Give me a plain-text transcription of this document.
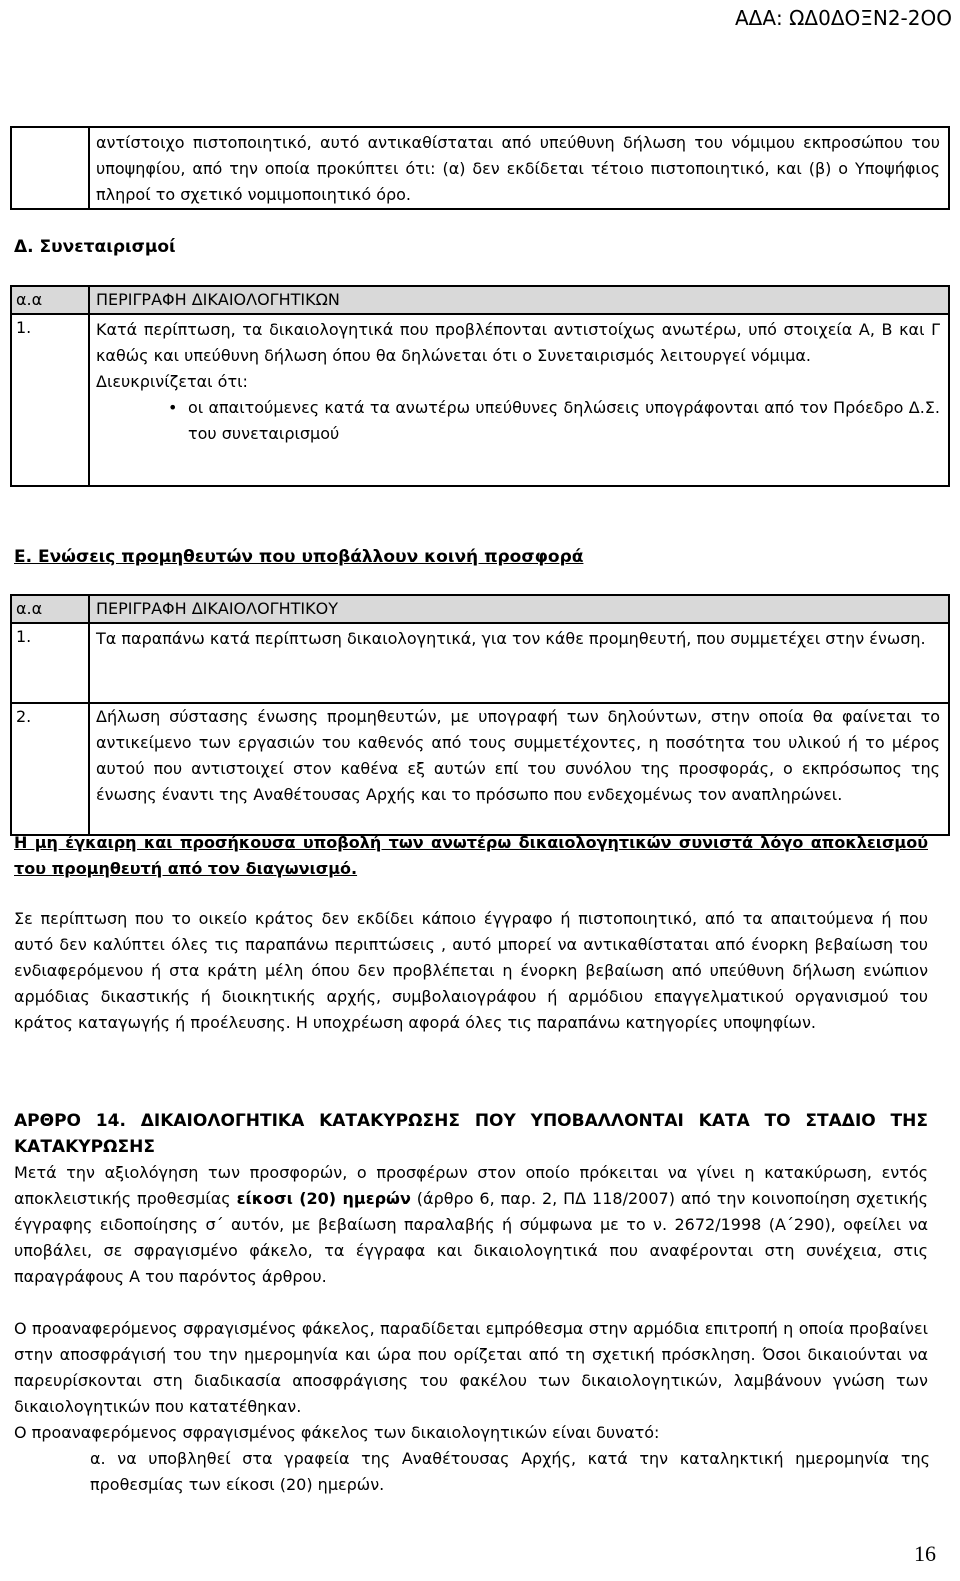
ΑΔΑ: ΩΔ0ΔΟΞΝ2-2ΟΟ
	αντίστοιχο πιστοποιητικό, αυτό αντικαθίσταται από υπεύθυνη δήλωση του νόμιμου εκπροσώπου του υποψηφίου, από την οποία προκύπτει ότι: (α) δεν εκδίδεται τέτοιο πιστοποιητικό, και (β) ο Υποψήφιος πληροί το σχετικό νομιμοποιητικό όρο.
Δ. Συνεταιρισμοί
α.α	ΠΕΡΙΓΡΑΦΗ ΔΙΚΑΙΟΛΟΓΗΤΙΚΩΝ
1.	Κατά περίπτωση, τα δικαιολογητικά που προβλέπονται αντιστοίχως ανωτέρω, υπό στοιχεία Α, Β και Γ καθώς και υπεύθυνη δήλωση όπου θα δηλώνεται ότι ο Συνεταιρισμός λειτουργεί νόμιμα.
Διευκρινίζεται ότι:
• οι απαιτούμενες κατά τα ανωτέρω υπεύθυνες δηλώσεις υπογράφονται από τον Πρόεδρο Δ.Σ. του συνεταιρισμού
Ε. Ενώσεις προμηθευτών που υποβάλλουν κοινή προσφορά
α.α	ΠΕΡΙΓΡΑΦΗ ΔΙΚΑΙΟΛΟΓΗΤΙΚΟΥ
1.	Τα παραπάνω κατά περίπτωση δικαιολογητικά, για τον κάθε προμηθευτή, που συμμετέχει στην ένωση.
2.	Δήλωση σύστασης ένωσης προμηθευτών, με υπογραφή των δηλούντων, στην οποία θα φαίνεται το αντικείμενο των εργασιών του καθενός από τους συμμετέχοντες, η ποσότητα του υλικού ή το μέρος αυτού που αντιστοιχεί στον καθένα εξ αυτών επί του συνόλου της προσφοράς, ο εκπρόσωπος της ένωσης έναντι της Αναθέτουσας Αρχής και το πρόσωπο που ενδεχομένως τον αναπληρώνει.
Η μη έγκαιρη και προσήκουσα υποβολή των ανωτέρω δικαιολογητικών συνιστά λόγο αποκλεισμού του προμηθευτή από τον διαγωνισμό.
Σε περίπτωση που το οικείο κράτος δεν εκδίδει κάποιο έγγραφο ή πιστοποιητικό, από τα απαιτούμενα ή που αυτό δεν καλύπτει όλες τις παραπάνω περιπτώσεις , αυτό μπορεί να αντικαθίσταται από ένορκη βεβαίωση του ενδιαφερόμενου ή στα κράτη μέλη όπου δεν προβλέπεται η ένορκη βεβαίωση από υπεύθυνη δήλωση ενώπιον αρμόδιας δικαστικής ή διοικητικής αρχής, συμβολαιογράφου ή αρμόδιου επαγγελματικού οργανισμού του κράτος καταγωγής ή προέλευσης. Η υποχρέωση αφορά όλες τις παραπάνω κατηγορίες υποψηφίων.
ΑΡΘΡΟ 14. ΔΙΚΑΙΟΛΟΓΗΤΙΚΑ ΚΑΤΑΚΥΡΩΣΗΣ ΠΟΥ ΥΠΟΒΑΛΛΟΝΤΑΙ ΚΑΤΑ ΤΟ ΣΤΑΔΙΟ ΤΗΣ ΚΑΤΑΚΥΡΩΣΗΣ
Μετά την αξιολόγηση των προσφορών, ο προσφέρων στον οποίο πρόκειται να γίνει η κατακύρωση, εντός αποκλειστικής προθεσμίας είκοσι (20) ημερών (άρθρο 6, παρ. 2, ΠΔ 118/2007) από την κοινοποίηση σχετικής έγγραφης ειδοποίησης σ΄ αυτόν, με βεβαίωση παραλαβής ή σύμφωνα με το ν. 2672/1998 (Α΄290), οφείλει να υποβάλει, σε σφραγισμένο φάκελο, τα έγγραφα και δικαιολογητικά που αναφέρονται στη συνέχεια, στις παραγράφους Α του παρόντος άρθρου.
Ο προαναφερόμενος σφραγισμένος φάκελος, παραδίδεται εμπρόθεσμα στην αρμόδια επιτροπή η οποία προβαίνει στην αποσφράγισή του την ημερομηνία και ώρα που ορίζεται από τη σχετική πρόσκληση. Όσοι δικαιούνται να παρευρίσκονται στη διαδικασία αποσφράγισης του φακέλου των δικαιολογητικών, λαμβάνουν γνώση των δικαιολογητικών που κατατέθηκαν.
Ο προαναφερόμενος σφραγισμένος φάκελος των δικαιολογητικών είναι δυνατό:
α. να υποβληθεί στα γραφεία της Αναθέτουσας Αρχής, κατά την καταληκτική ημερομηνία της προθεσμίας των είκοσι (20) ημερών.
16
